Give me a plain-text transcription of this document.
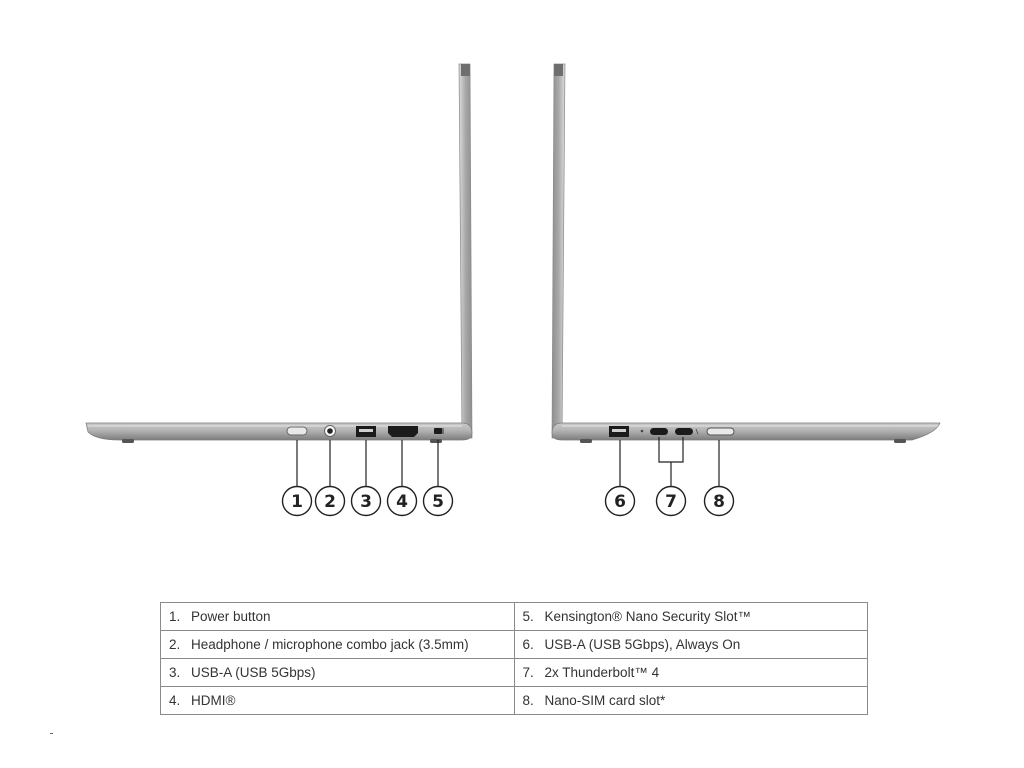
1 2 3 4 5	6 7 8
1. Power button	5. Kensington® Nano Security Slot™
2. Headphone / microphone combo jack (3.5mm)	6. USB-A (USB 5Gbps), Always On
3. USB-A (USB 5Gbps)	7. 2x Thunderbolt™ 4
4. HDMI®	8. Nano-SIM card slot*
